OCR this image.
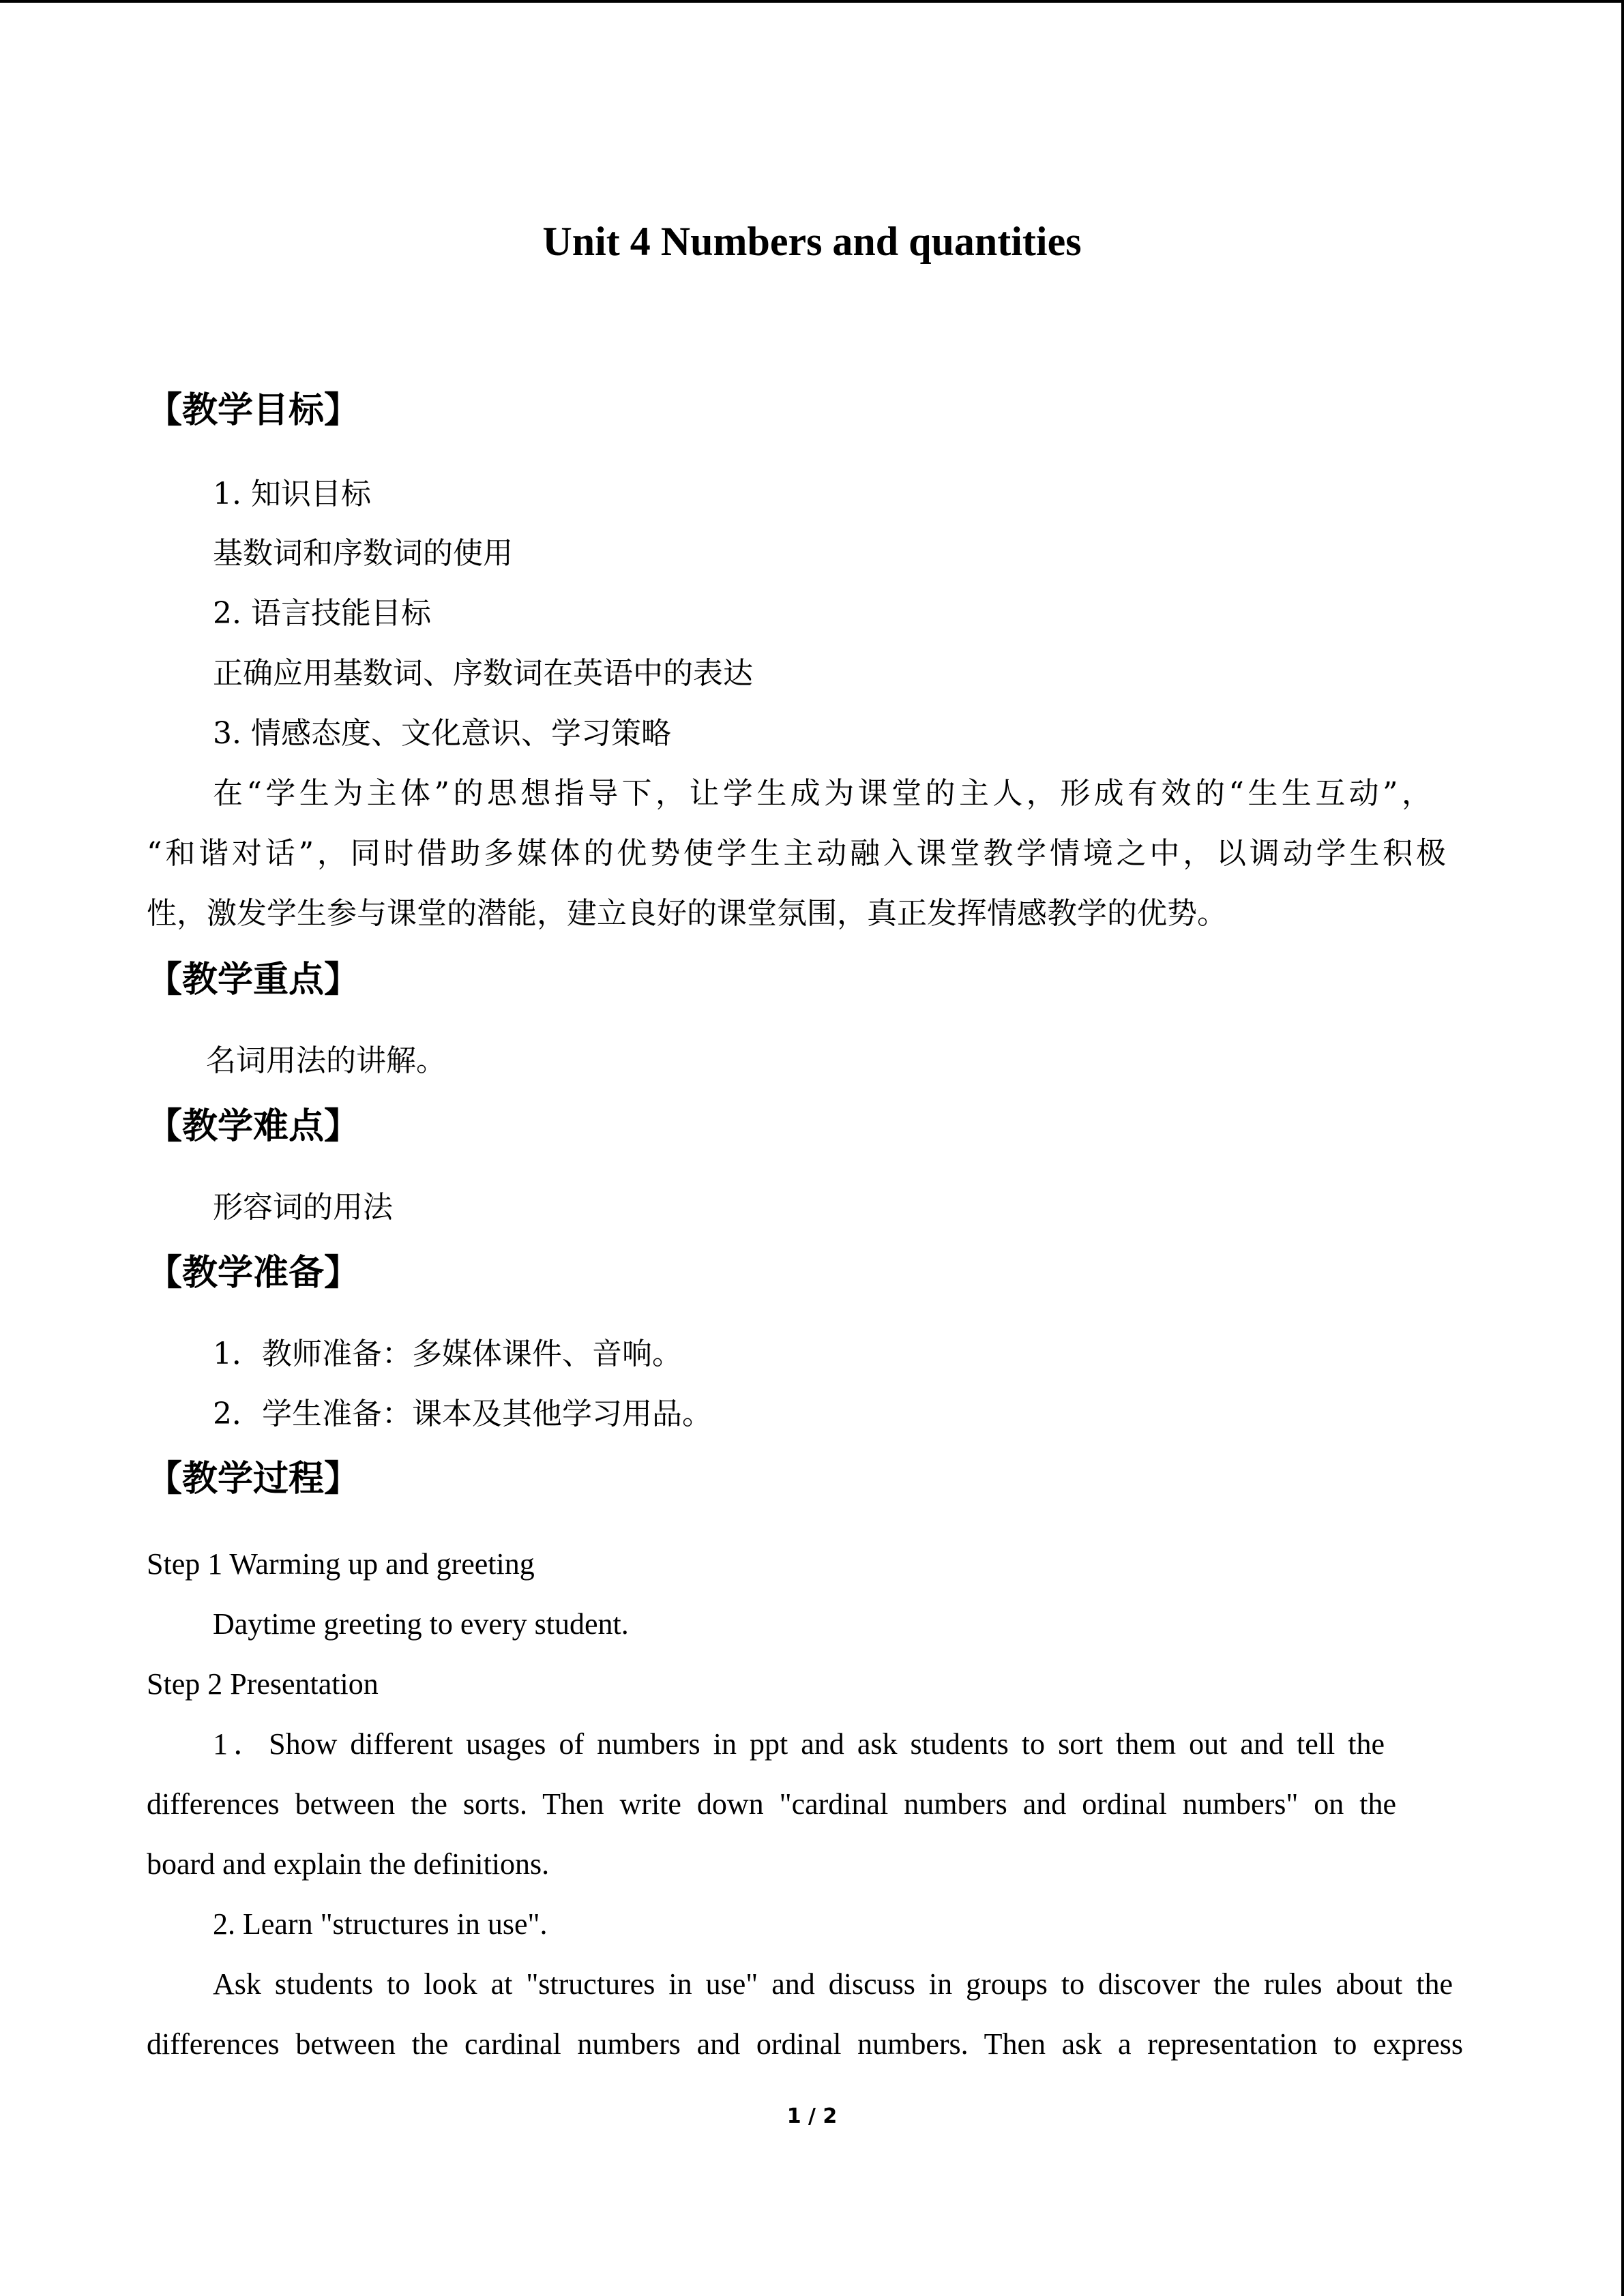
Unit 4 Numbers and quantities
【教学目标】

1. 知识目标

基数词和序数词的使用

2. 语言技能目标

正确应用基数词、序数词在英语中的表达

3. 情感态度、文化意识、学习策略

在“学生为主体”的思想指导下，让学生成为课堂的主人，形成有效的“生生互动”，

“和谐对话”，同时借助多媒体的优势使学生主动融入课堂教学情境之中，以调动学生积极

性，激发学生参与课堂的潜能，建立良好的课堂氛围，真正发挥情感教学的优势。

【教学重点】

名词用法的讲解。

【教学难点】

形容词的用法

【教学准备】

1．教师准备：多媒体课件、音响。

2．学生准备：课本及其他学习用品。

【教学过程】

Step 1 Warming up and greeting

Daytime greeting to every student.

Step 2 Presentation

1．Show different usages of numbers in ppt and ask students to sort them out and tell the

differences between the sorts. Then write down "cardinal numbers and ordinal numbers" on the

board and explain the definitions.

2. Learn "structures in use".

Ask students to look at "structures in use" and discuss in groups to discover the rules about the

differences between the cardinal numbers and ordinal numbers. Then ask a representation to express

1 / 2
